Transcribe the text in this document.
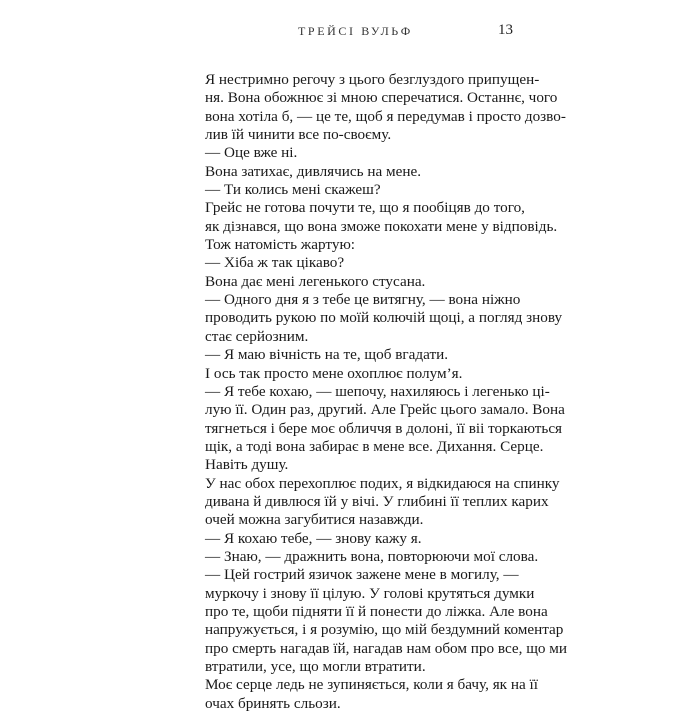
ТРЕЙСІ ВУЛЬФ	13

Я нестримно регочу з цього безглуздого припущен-
ня. Вона обожнює зі мною сперечатися. Останнє, чого
вона хотіла б, — це те, щоб я передумав і просто дозво-
лив їй чинити все по-своєму.

— Оце вже ні.

Вона затихає, дивлячись на мене.

— Ти колись мені скажеш?

Грейс не готова почути те, що я пообіцяв до того,
як дізнався, що вона зможе покохати мене у відповідь.
Тож натомість жартую:

— Хіба ж так цікаво?

Вона дає мені легенького стусана.

— Одного дня я з тебе це витягну, — вона ніжно
проводить рукою по моїй колючій щоці, а погляд знову
стає серйозним.

— Я маю вічність на те, щоб вгадати.

І ось так просто мене охоплює полум’я.

— Я тебе кохаю, — шепочу, нахиляюсь і легенько ці-
лую її. Один раз, другий. Але Грейс цього замало. Вона
тягнеться і бере моє обличчя в долоні, її віі торкаються
щік, а тоді вона забирає в мене все. Дихання. Серце.
Навіть душу.

У нас обох перехоплює подих, я відкидаюся на спинку
дивана й дивлюся їй у вічі. У глибині її теплих карих
очей можна загубитися назавжди.

— Я кохаю тебе, — знову кажу я.

— Знаю, — дражнить вона, повторюючи мої слова.

— Цей гострий язичок зажене мене в могилу, —
муркочу і знову її цілую. У голові крутяться думки
про те, щоби підняти її й понести до ліжка. Але вона
напружується, і я розумію, що мій бездумний коментар
про смерть нагадав їй, нагадав нам обом про все, що ми
втратили, усе, що могли втратити.

Моє серце ледь не зупиняється, коли я бачу, як на її
очах бринять сльози.
